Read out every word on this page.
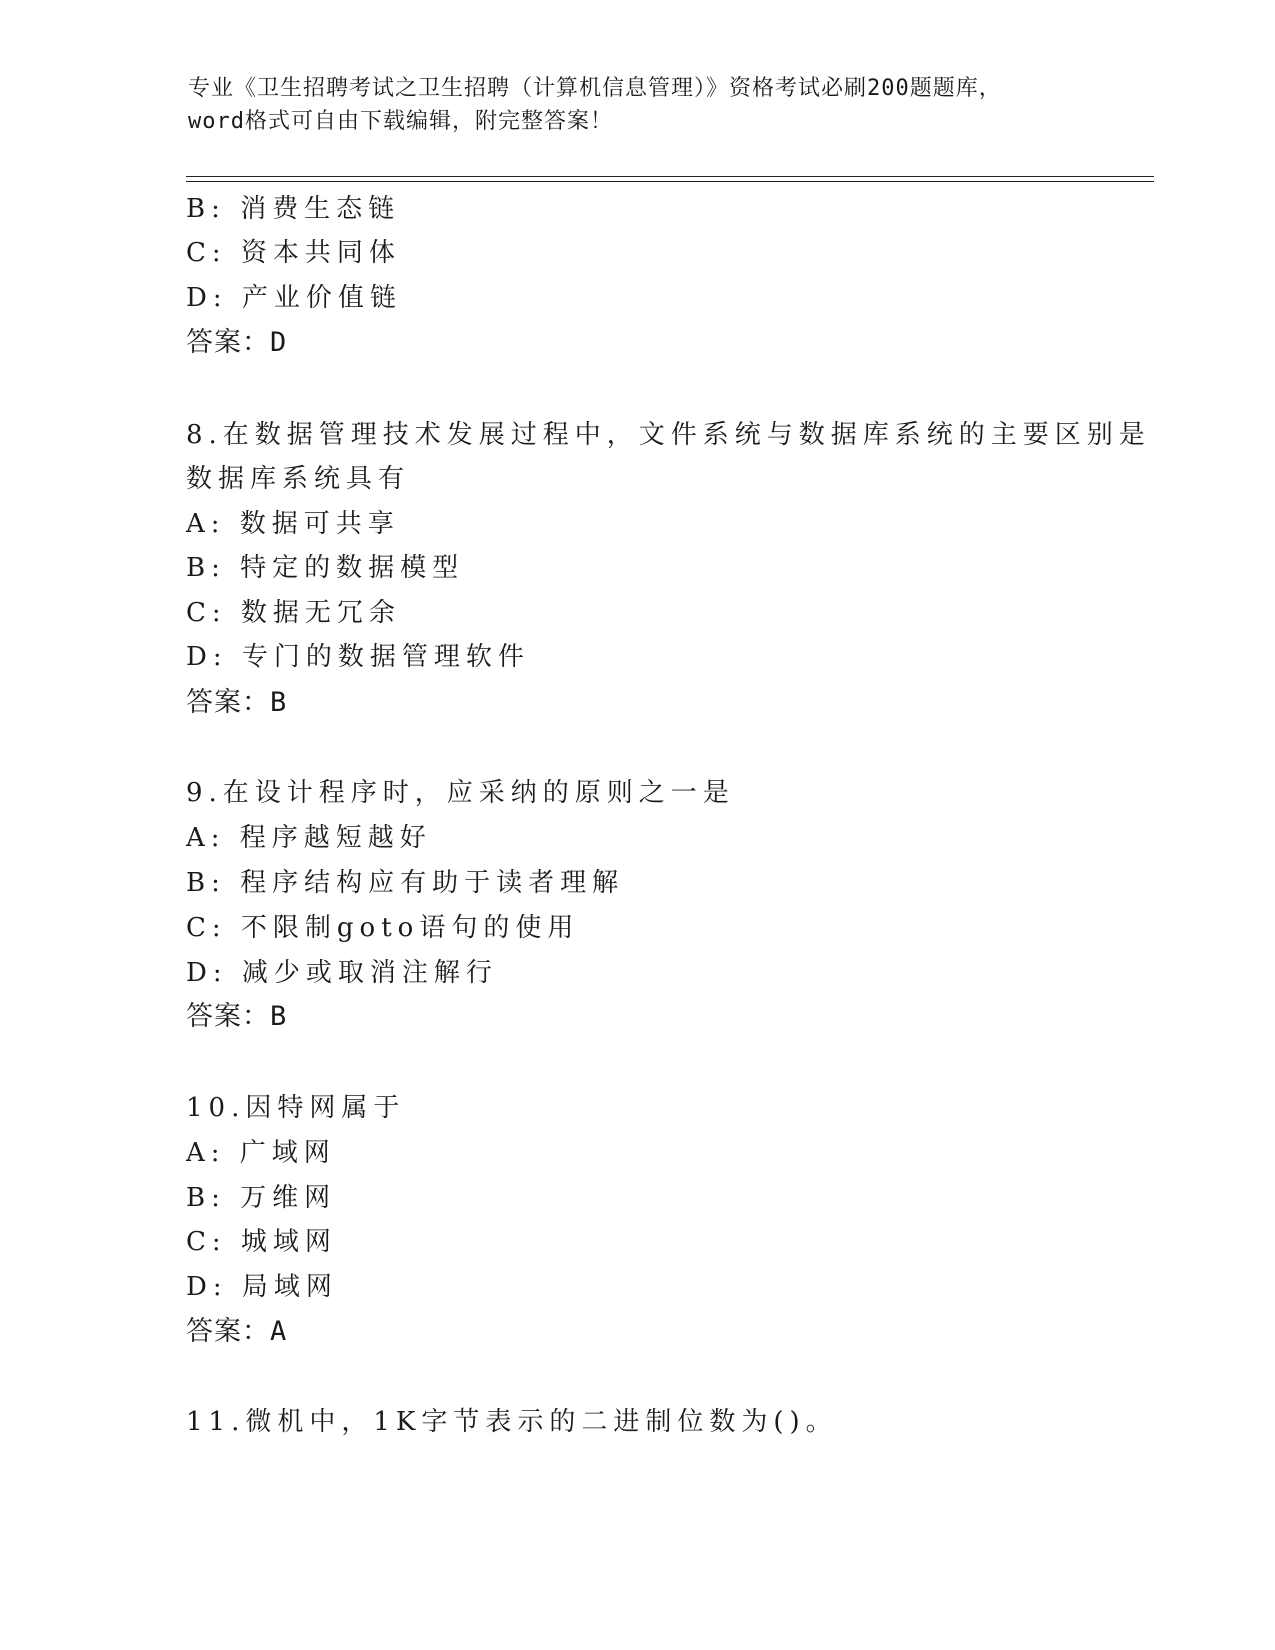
专业《卫生招聘考试之卫生招聘（计算机信息管理）》资格考试必刷200题题库，
word格式可自由下载编辑，附完整答案！
B: 消费生态链
C: 资本共同体
D: 产业价值链
答案：D
8.在数据管理技术发展过程中，文件系统与数据库系统的主要区别是
数据库系统具有
A: 数据可共享
B: 特定的数据模型
C: 数据无冗余
D: 专门的数据管理软件
答案：B
9.在设计程序时，应采纳的原则之一是
A: 程序越短越好
B: 程序结构应有助于读者理解
C: 不限制goto语句的使用
D: 减少或取消注解行
答案：B
10.因特网属于
A: 广域网
B: 万维网
C: 城域网
D: 局域网
答案：A
11.微机中，1K字节表示的二进制位数为()。
